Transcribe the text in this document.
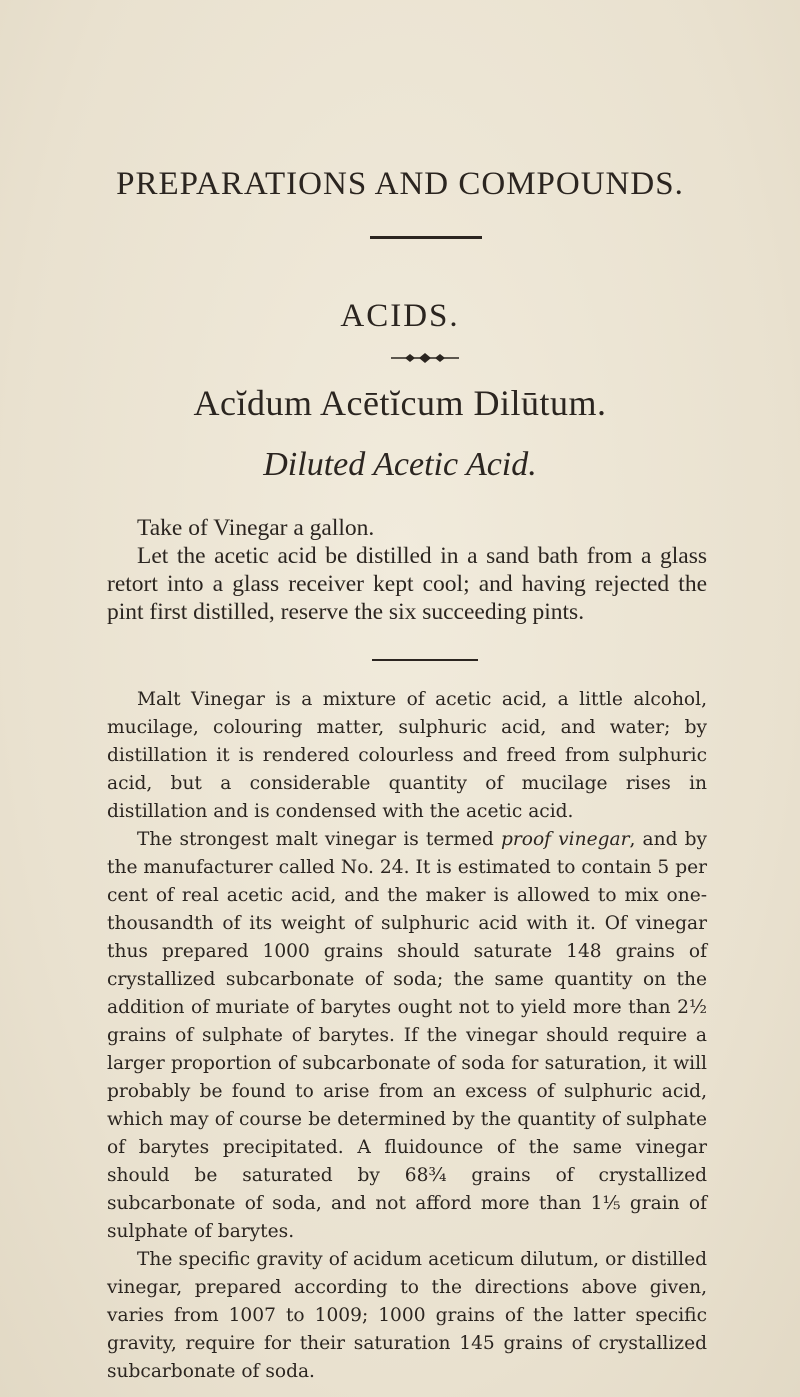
PREPARATIONS AND COMPOUNDS.
ACIDS.
Acĭdum Acētĭcum Dilūtum.
Diluted Acetic Acid.

Take of Vinegar a gallon.

Let the acetic acid be distilled in a sand bath from a glass retort into a glass receiver kept cool; and having rejected the pint first distilled, reserve the six succeeding pints.

Malt Vinegar is a mixture of acetic acid, a little alcohol, mucilage, colouring matter, sulphuric acid, and water; by distillation it is rendered colourless and freed from sulphuric acid, but a considerable quantity of mucilage rises in distillation and is condensed with the acetic acid.

The strongest malt vinegar is termed proof vinegar, and by the manufacturer called No. 24. It is estimated to contain 5 per cent of real acetic acid, and the maker is allowed to mix one-thousandth of its weight of sulphuric acid with it. Of vinegar thus prepared 1000 grains should saturate 148 grains of crystallized subcarbonate of soda; the same quantity on the addition of muriate of barytes ought not to yield more than 2½ grains of sulphate of barytes. If the vinegar should require a larger proportion of subcarbonate of soda for saturation, it will probably be found to arise from an excess of sulphuric acid, which may of course be determined by the quantity of sulphate of barytes precipitated. A fluidounce of the same vinegar should be saturated by 68¾ grains of crystallized subcarbonate of soda, and not afford more than 1⅕ grain of sulphate of barytes.

The specific gravity of acidum aceticum dilutum, or distilled vinegar, prepared according to the directions above given, varies from 1007 to 1009; 1000 grains of the latter specific gravity, require for their saturation 145 grains of crystallized subcarbonate of soda.
